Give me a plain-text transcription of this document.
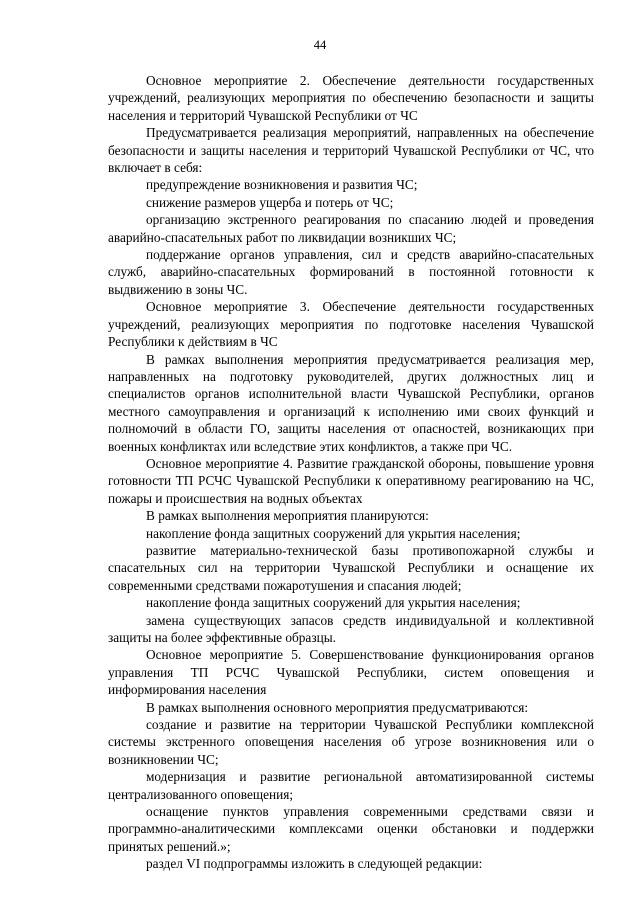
44

Основное мероприятие 2. Обеспечение деятельности государственных учреждений, реализующих мероприятия по обеспечению безопасности и защиты населения и территорий Чувашской Республики от ЧС

Предусматривается реализация мероприятий, направленных на обеспечение безопасности и защиты населения и территорий Чувашской Республики от ЧС, что включает в себя:

предупреждение возникновения и развития ЧС;

снижение размеров ущерба и потерь от ЧС;

организацию экстренного реагирования по спасанию людей и проведения аварийно-спасательных работ по ликвидации возникших ЧС;

поддержание органов управления, сил и средств аварийно-спасательных служб, аварийно-спасательных формирований в постоянной готовности к выдвижению в зоны ЧС.

Основное мероприятие 3. Обеспечение деятельности государственных учреждений, реализующих мероприятия по подготовке населения Чувашской Республики к действиям в ЧС

В рамках выполнения мероприятия предусматривается реализация мер, направленных на подготовку руководителей, других должностных лиц и специалистов органов исполнительной власти Чувашской Республики, органов местного самоуправления и организаций к исполнению ими своих функций и полномочий в области ГО, защиты населения от опасностей, возникающих при военных конфликтах или вследствие этих конфликтов, а также при ЧС.

Основное мероприятие 4. Развитие гражданской обороны, повышение уровня готовности ТП РСЧС Чувашской Республики к оперативному реагированию на ЧС, пожары и происшествия на водных объектах

В рамках выполнения мероприятия планируются:

накопление фонда защитных сооружений для укрытия населения;

развитие материально-технической базы противопожарной службы и спасательных сил на территории Чувашской Республики и оснащение их современными средствами пожаротушения и спасания людей;

накопление фонда защитных сооружений для укрытия населения;

замена существующих запасов средств индивидуальной и коллективной защиты на более эффективные образцы.

Основное мероприятие 5. Совершенствование функционирования органов управления ТП РСЧС Чувашской Республики, систем оповещения и информирования населения

В рамках выполнения основного мероприятия предусматриваются:

создание и развитие на территории Чувашской Республики комплексной системы экстренного оповещения населения об угрозе возникновения или о возникновении ЧС;

модернизация и развитие региональной автоматизированной системы централизованного оповещения;

оснащение пунктов управления современными средствами связи и программно-аналитическими комплексами оценки обстановки и поддержки принятых решений.»;

раздел VI подпрограммы изложить в следующей редакции:
